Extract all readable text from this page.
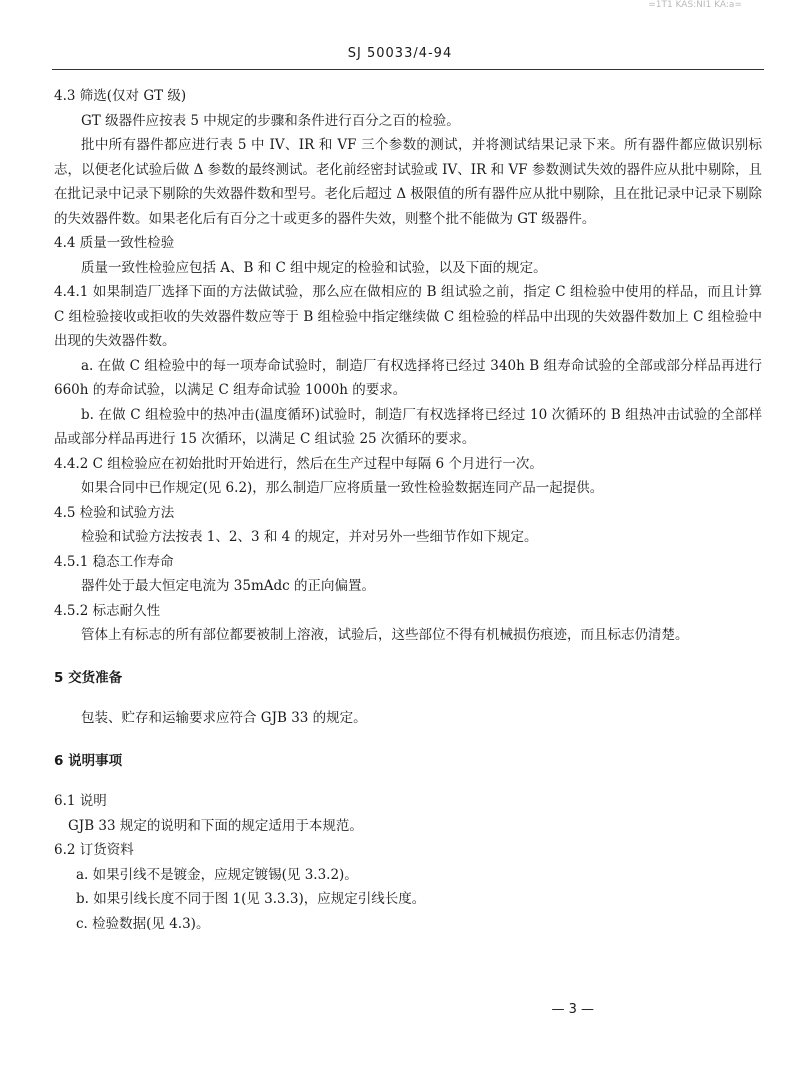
=1T1 KAS:NI1 KA:a=
SJ 50033/4-94

4.3 筛选(仅对 GT 级)

GT 级器件应按表 5 中规定的步骤和条件进行百分之百的检验。

批中所有器件都应进行表 5 中 IV、IR 和 VF 三个参数的测试，并将测试结果记录下来。所有器件都应做识别标志，以便老化试验后做 Δ 参数的最终测试。老化前经密封试验或 IV、IR 和 VF 参数测试失效的器件应从批中剔除，且在批记录中记录下剔除的失效器件数和型号。老化后超过 Δ 极限值的所有器件应从批中剔除，且在批记录中记录下剔除的失效器件数。如果老化后有百分之十或更多的器件失效，则整个批不能做为 GT 级器件。

4.4 质量一致性检验

质量一致性检验应包括 A、B 和 C 组中规定的检验和试验，以及下面的规定。

4.4.1 如果制造厂选择下面的方法做试验，那么应在做相应的 B 组试验之前，指定 C 组检验中使用的样品，而且计算 C 组检验接收或拒收的失效器件数应等于 B 组检验中指定继续做 C 组检验的样品中出现的失效器件数加上 C 组检验中出现的失效器件数。

a. 在做 C 组检验中的每一项寿命试验时，制造厂有权选择将已经过 340h B 组寿命试验的全部或部分样品再进行 660h 的寿命试验，以满足 C 组寿命试验 1000h 的要求。

b. 在做 C 组检验中的热冲击(温度循环)试验时，制造厂有权选择将已经过 10 次循环的 B 组热冲击试验的全部样品或部分样品再进行 15 次循环，以满足 C 组试验 25 次循环的要求。

4.4.2 C 组检验应在初始批时开始进行，然后在生产过程中每隔 6 个月进行一次。

如果合同中已作规定(见 6.2)，那么制造厂应将质量一致性检验数据连同产品一起提供。

4.5 检验和试验方法

检验和试验方法按表 1、2、3 和 4 的规定，并对另外一些细节作如下规定。

4.5.1 稳态工作寿命

器件处于最大恒定电流为 35mAdc 的正向偏置。

4.5.2 标志耐久性

管体上有标志的所有部位都要被制上溶液，试验后，这些部位不得有机械损伤痕迹，而且标志仍清楚。

5 交货准备

包装、贮存和运输要求应符合 GJB 33 的规定。

6 说明事项

6.1 说明

GJB 33 规定的说明和下面的规定适用于本规范。

6.2 订货资料

a. 如果引线不是镀金，应规定镀锡(见 3.3.2)。

b. 如果引线长度不同于图 1(见 3.3.3)，应规定引线长度。

c. 检验数据(见 4.3)。

— 3 —
